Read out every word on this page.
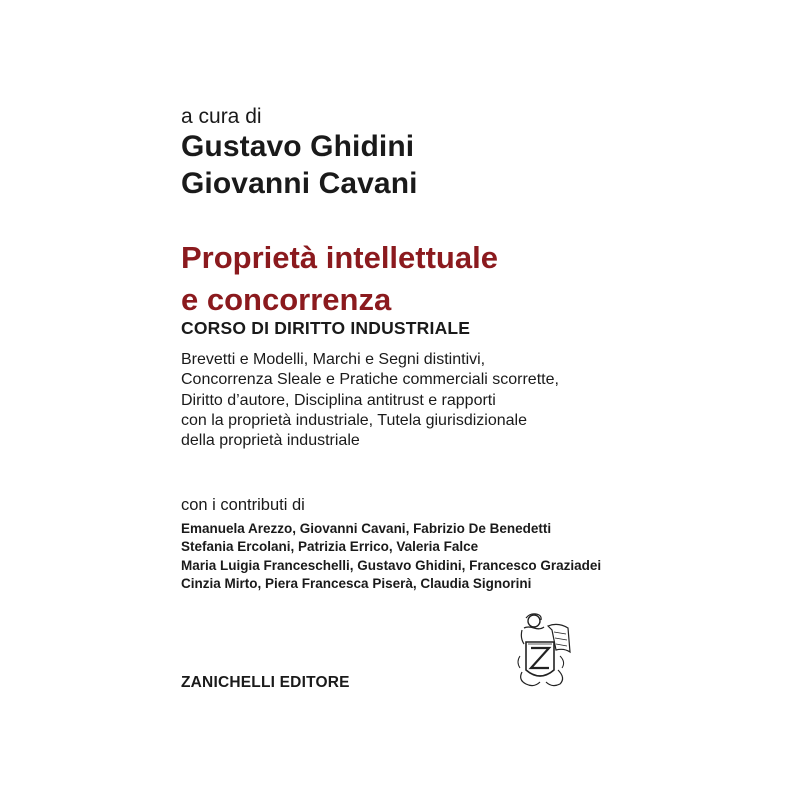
a cura di
Gustavo Ghidini
Giovanni Cavani
Proprietà intellettuale
e concorrenza
CORSO DI DIRITTO INDUSTRIALE
Brevetti e Modelli, Marchi e Segni distintivi,
Concorrenza Sleale e Pratiche commerciali scorrette,
Diritto d’autore, Disciplina antitrust e rapporti
con la proprietà industriale, Tutela giurisdizionale
della proprietà industriale
con i contributi di
Emanuela Arezzo, Giovanni Cavani, Fabrizio De Benedetti
Stefania Ercolani, Patrizia Errico, Valeria Falce
Maria Luigia Franceschelli, Gustavo Ghidini, Francesco Graziadei
Cinzia Mirto, Piera Francesca Piserà, Claudia Signorini
ZANICHELLI EDITORE
